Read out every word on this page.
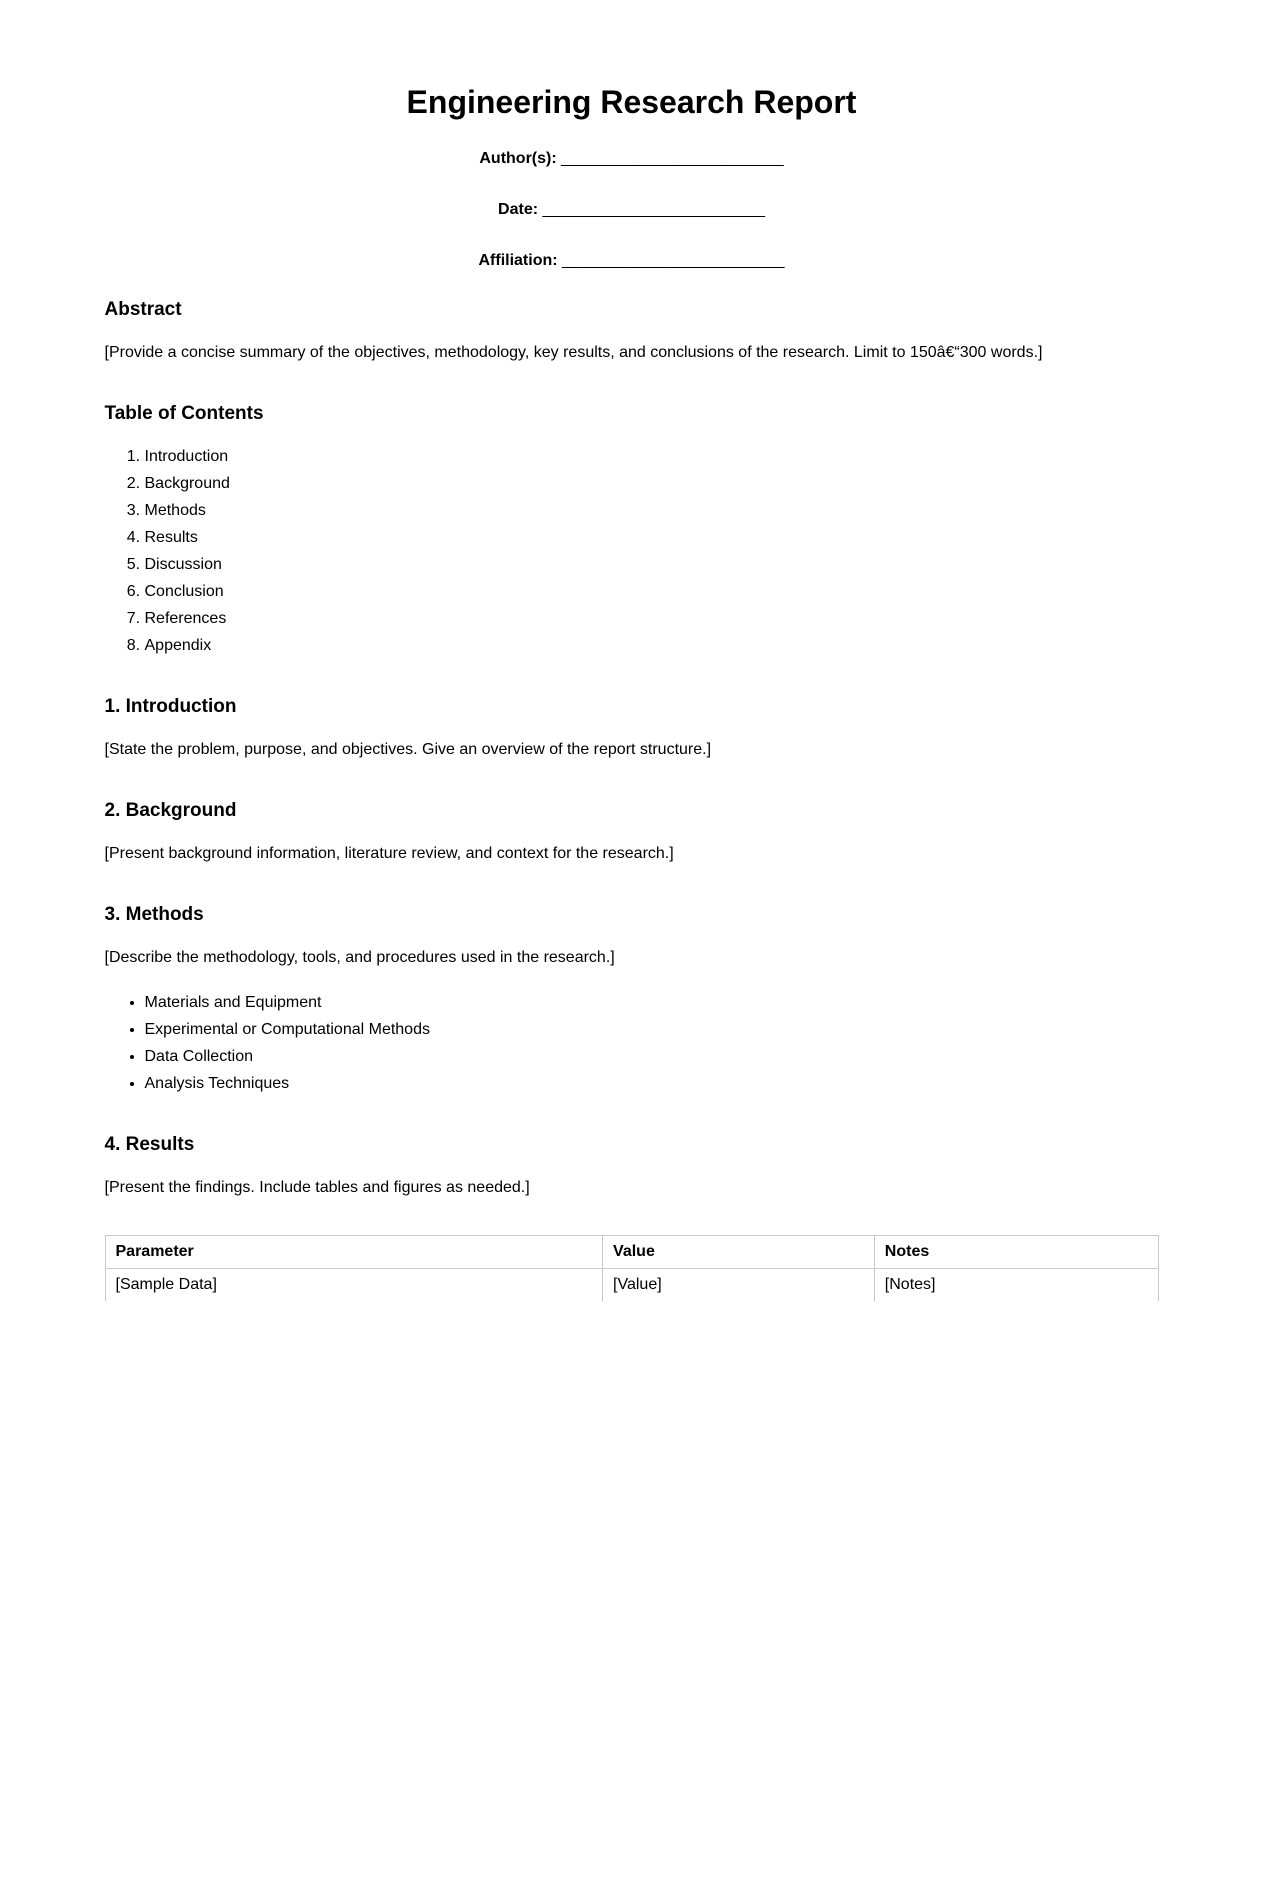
Engineering Research Report

Author(s): _________________________

Date: _________________________

Affiliation: _________________________

Abstract

[Provide a concise summary of the objectives, methodology, key results, and conclusions of the research. Limit to 150â€“300 words.]

Table of Contents
1. Introduction
2. Background
3. Methods
4. Results
5. Discussion
6. Conclusion
7. References
8. Appendix
1. Introduction

[State the problem, purpose, and objectives. Give an overview of the report structure.]

2. Background

[Present background information, literature review, and context for the research.]

3. Methods

[Describe the methodology, tools, and procedures used in the research.]

• Materials and Equipment
• Experimental or Computational Methods
• Data Collection
• Analysis Techniques
4. Results

[Present the findings. Include tables and figures as needed.]

Parameter	Value	Notes
[Sample Data]	[Value]	[Notes]
